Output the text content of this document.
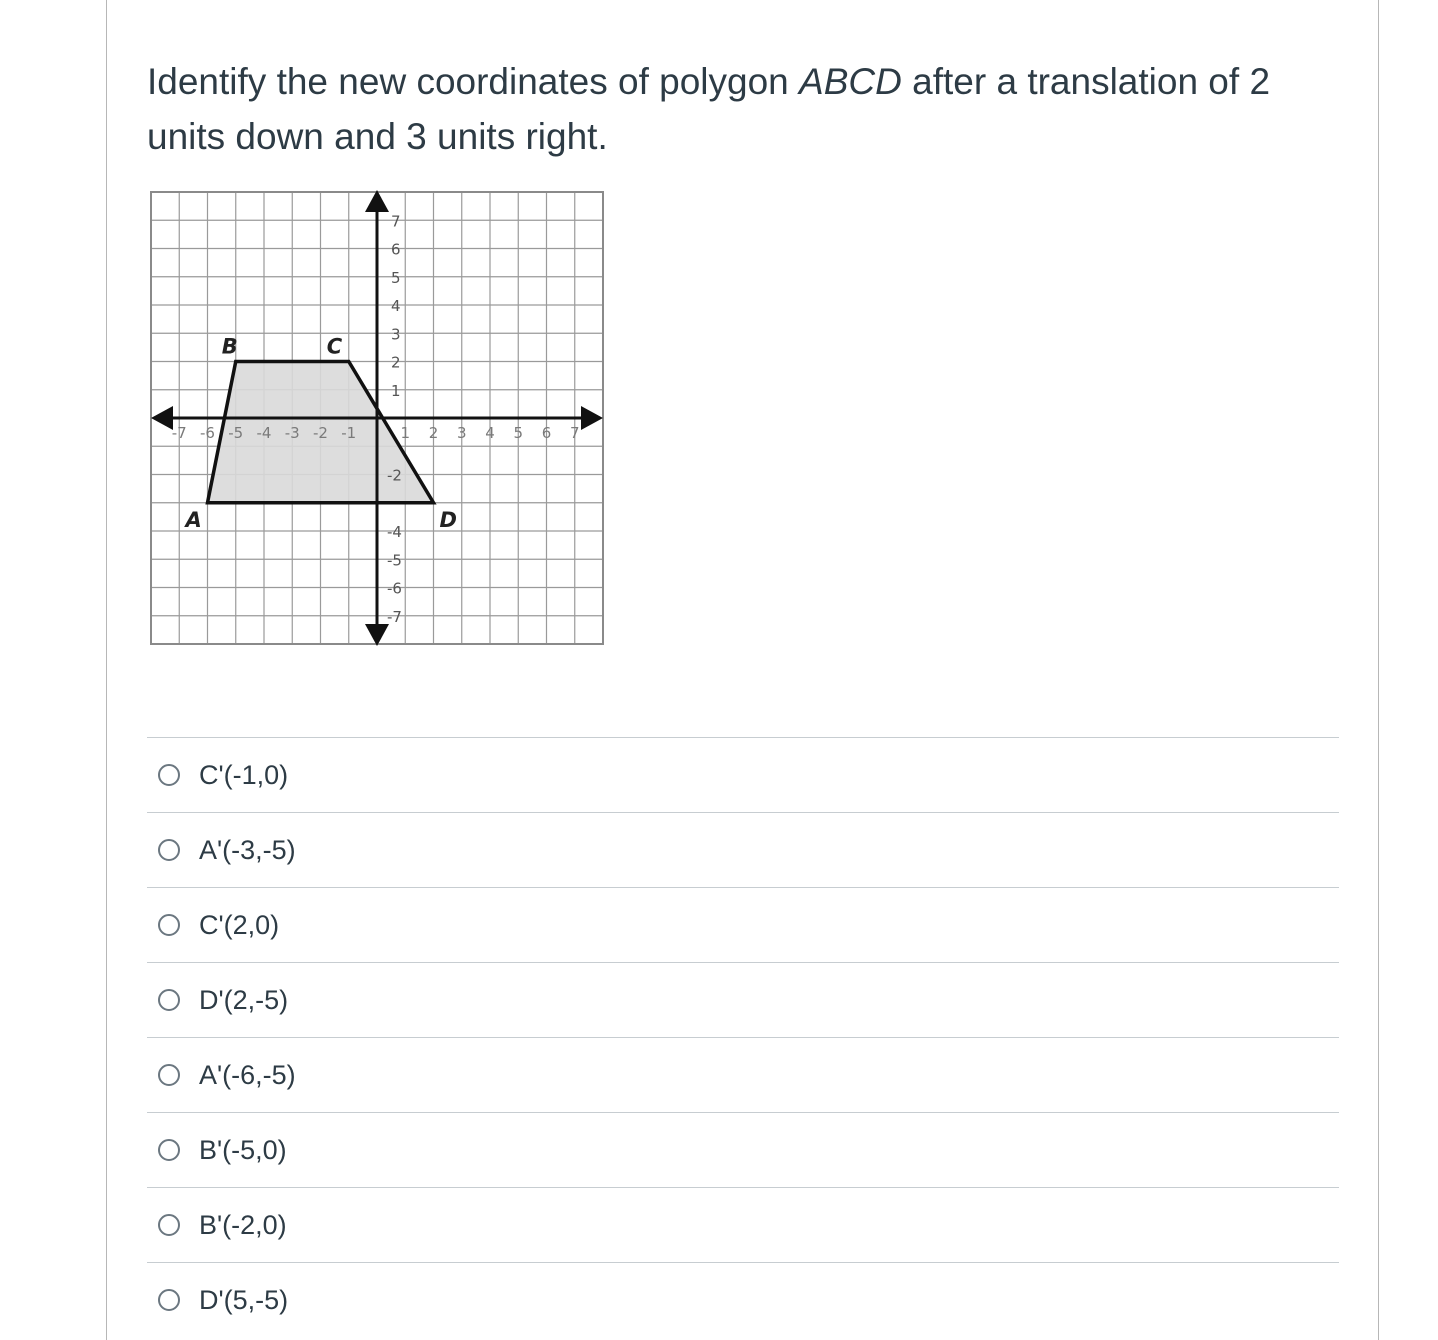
Identify the new coordinates of polygon ABCD after a translation of 2 units down and 3 units right.

-7 -6 -5 -4 -3 -2 -1	1 2 3 4 5 6 7
7
6
5
4
3
2
1
-2
-4
-5
-6
-7
A
B	C
D
C'(-1,0)
A'(-3,-5)
C'(2,0)
D'(2,-5)
A'(-6,-5)
B'(-5,0)
B'(-2,0)
D'(5,-5)
